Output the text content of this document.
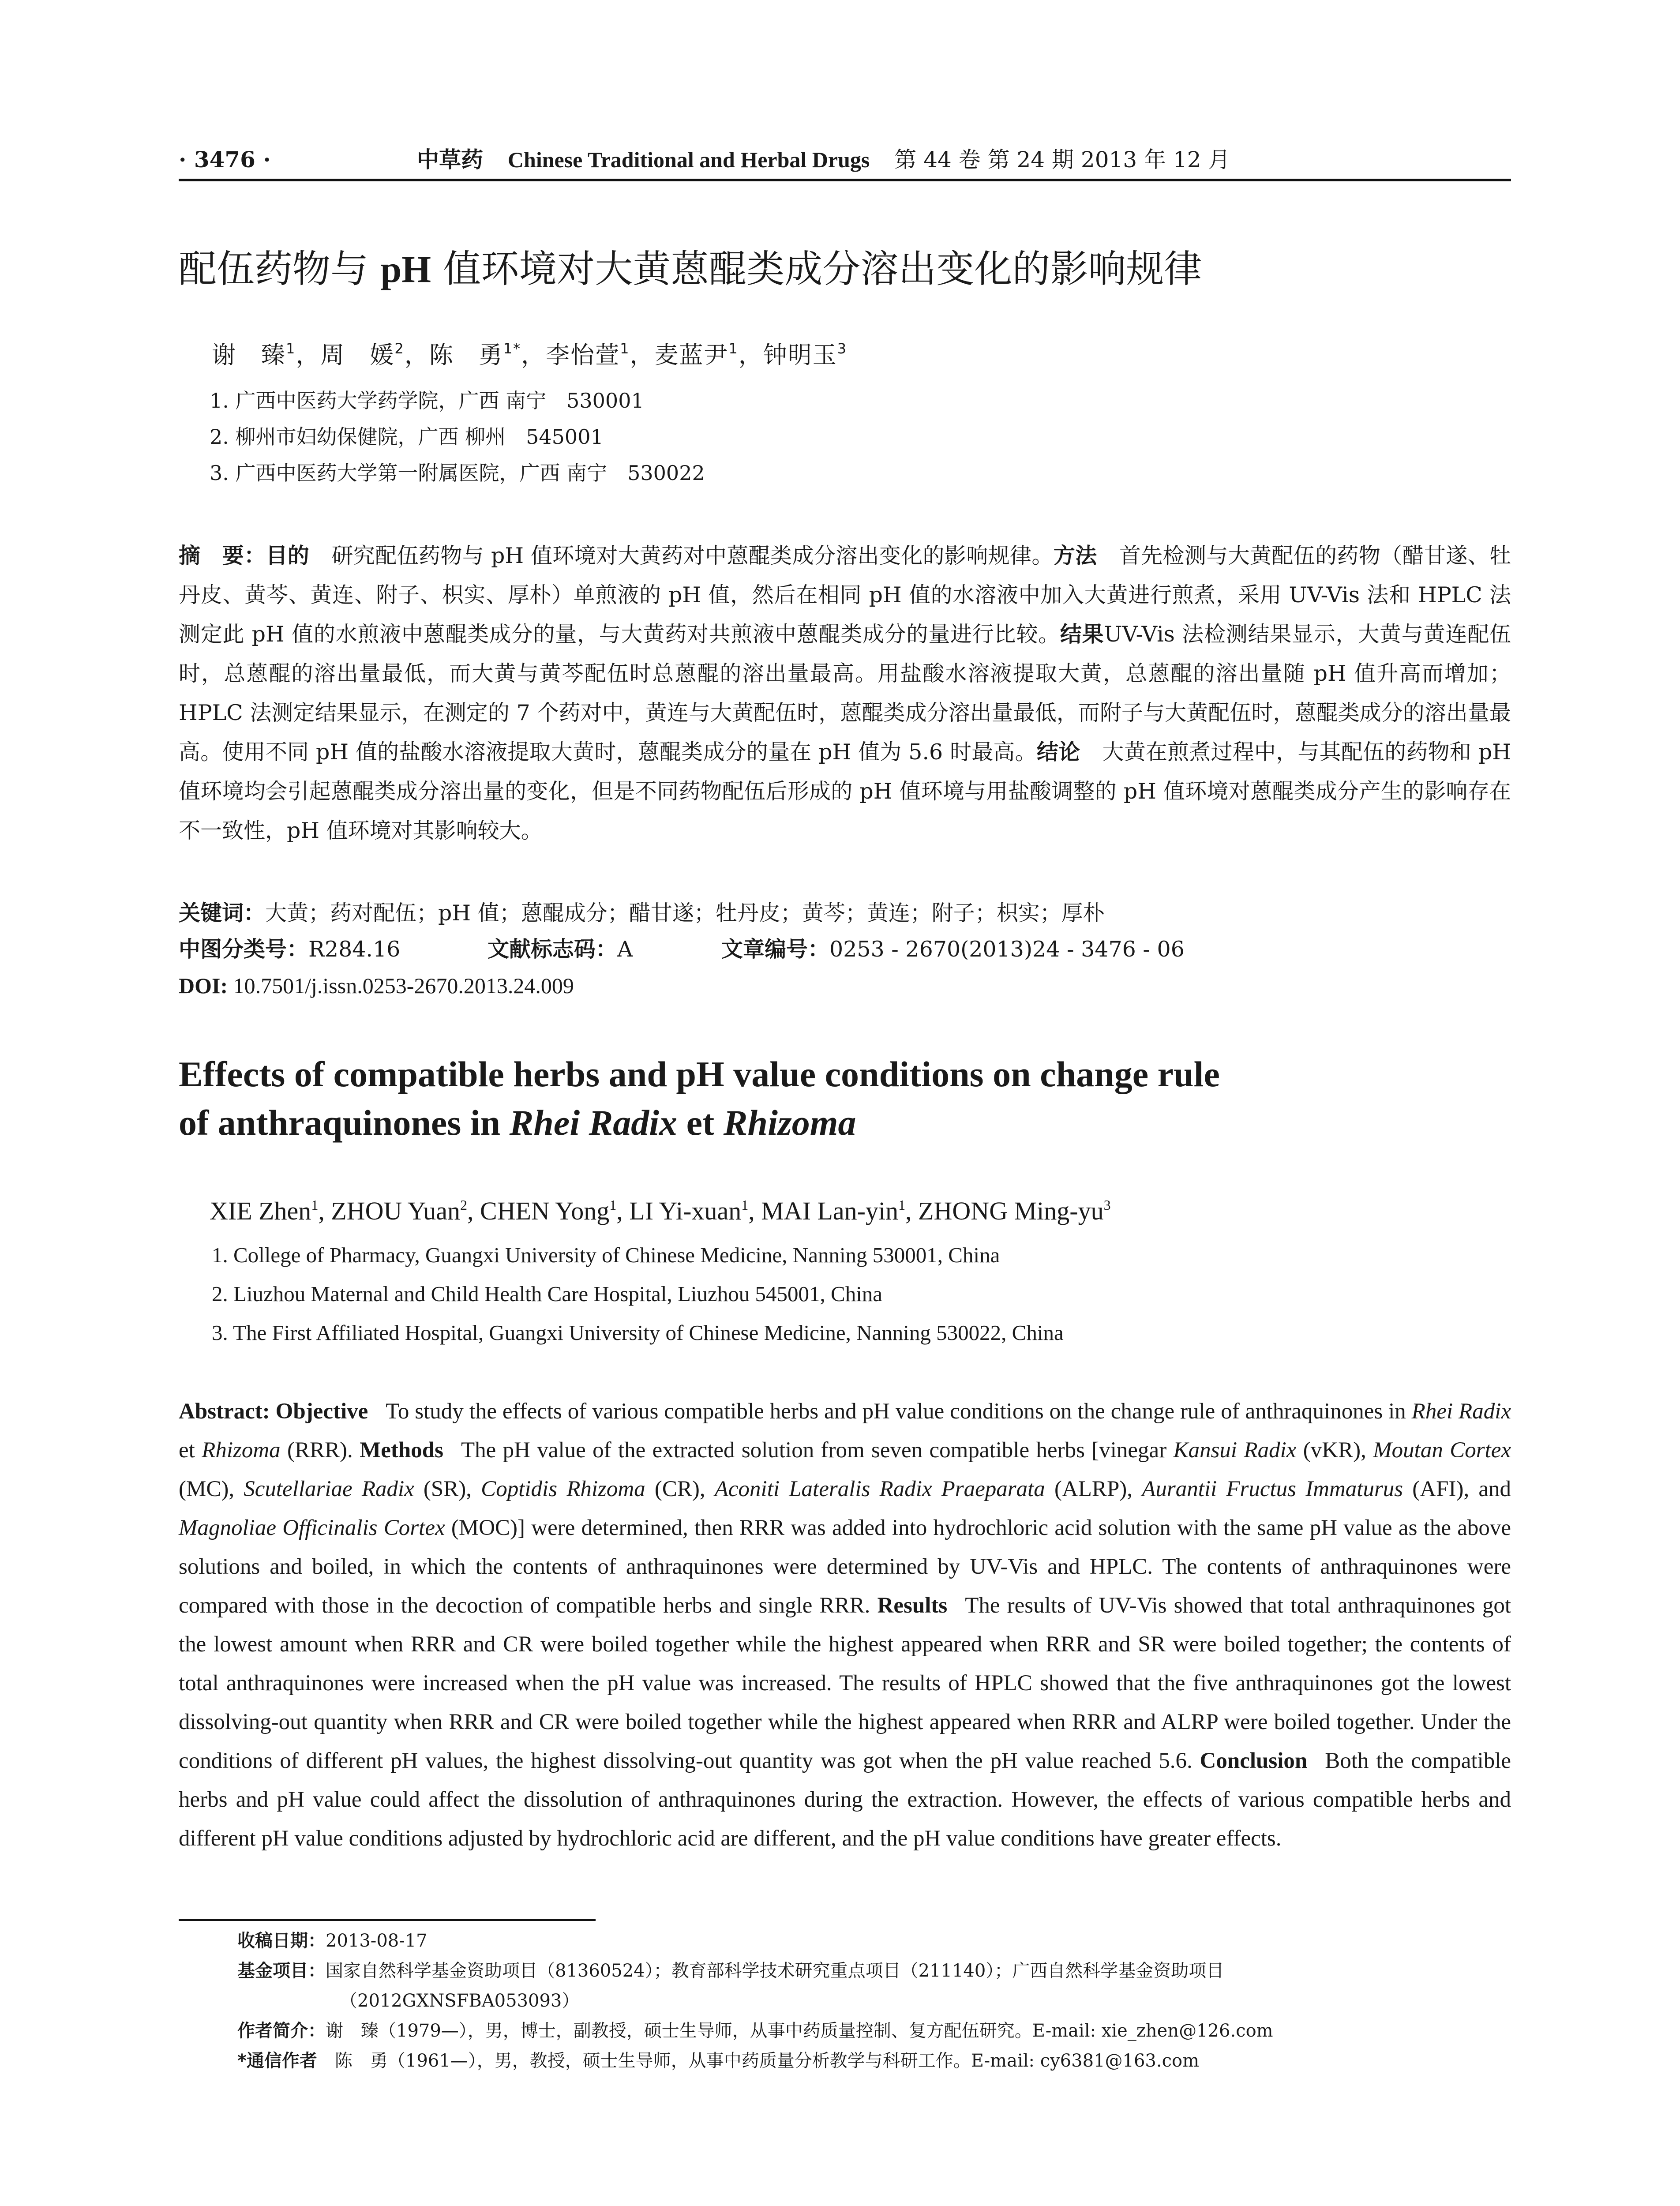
· 3476 ·	中草药 Chinese Traditional and Herbal Drugs 第 44 卷 第 24 期 2013 年 12 月
配伍药物与 pH 值环境对大黄蒽醌类成分溶出变化的影响规律
谢　臻$^1$，周　媛$^2$，陈　勇$^{1*}$，李怡萱$^1$，麦蓝尹$^1$，钟明玉$^3$
1. 广西中医药大学药学院，广西 南宁　530001
2. 柳州市妇幼保健院，广西 柳州　545001
3. 广西中医药大学第一附属医院，广西 南宁　530022
摘　要：目的 研究配伍药物与 pH 值环境对大黄药对中蒽醌类成分溶出变化的影响规律。方法 首先检测与大黄配伍的药物（醋甘遂、牡丹皮、黄芩、黄连、附子、枳实、厚朴）单煎液的 pH 值，然后在相同 pH 值的水溶液中加入大黄进行煎煮，采用 UV-Vis 法和 HPLC 法测定此 pH 值的水煎液中蒽醌类成分的量，与大黄药对共煎液中蒽醌类成分的量进行比较。结果UV-Vis 法检测结果显示，大黄与黄连配伍时，总蒽醌的溶出量最低，而大黄与黄芩配伍时总蒽醌的溶出量最高。用盐酸水溶液提取大黄，总蒽醌的溶出量随 pH 值升高而增加；HPLC 法测定结果显示，在测定的 7 个药对中，黄连与大黄配伍时，蒽醌类成分溶出量最低，而附子与大黄配伍时，蒽醌类成分的溶出量最高。使用不同 pH 值的盐酸水溶液提取大黄时，蒽醌类成分的量在 pH 值为 5.6 时最高。结论 大黄在煎煮过程中，与其配伍的药物和 pH 值环境均会引起蒽醌类成分溶出量的变化，但是不同药物配伍后形成的 pH 值环境与用盐酸调整的 pH 值环境对蒽醌类成分产生的影响存在不一致性，pH 值环境对其影响较大。
关键词：大黄；药对配伍；pH 值；蒽醌成分；醋甘遂；牡丹皮；黄芩；黄连；附子；枳实；厚朴
中图分类号：R284.16	文献标志码：A	文章编号：0253 - 2670(2013)24 - 3476 - 06
DOI: 10.7501/j.issn.0253-2670.2013.24.009
Effects of compatible herbs and pH value conditions on change rule
of anthraquinones in Rhei Radix et Rhizoma
XIE Zhen$^1$, ZHOU Yuan$^2$, CHEN Yong$^1$, LI Yi-xuan$^1$, MAI Lan-yin$^1$, ZHONG Ming-$yu^3$
1. College of Pharmacy, Guangxi University of Chinese Medicine, Nanning 530001, China
2. Liuzhou Maternal and Child Health Care Hospital, Liuzhou 545001, China
3. The First Affiliated Hospital, Guangxi University of Chinese Medicine, Nanning 530022, China
Abstract: Objective To study the effects of various compatible herbs and pH value conditions on the change rule of anthraquinones in Rhei Radix et Rhizoma (RRR). Methods The pH value of the extracted solution from seven compatible herbs [vinegar Kansui Radix (vKR), Moutan Cortex (MC), Scutellariae Radix (SR), Coptidis Rhizoma (CR), Aconiti Lateralis Radix Praeparata (ALRP), Aurantii Fructus Immaturus (AFI), and Magnoliae Officinalis Cortex (MOC)] were determined, then RRR was added into hydrochloric acid solution with the same pH value as the above solutions and boiled, in which the contents of anthraquinones were determined by UV-Vis and HPLC. The contents of anthraquinones were compared with those in the decoction of compatible herbs and single RRR. Results The results of UV-Vis showed that total anthraquinones got the lowest amount when RRR and CR were boiled together while the highest appeared when RRR and SR were boiled together; the contents of total anthraquinones were increased when the pH value was increased. The results of HPLC showed that the five anthraquinones got the lowest dissolving-out quantity when RRR and CR were boiled together while the highest appeared when RRR and ALRP were boiled together. Under the conditions of different pH values, the highest dissolving-out quantity was got when the pH value reached 5.6. Conclusion Both the compatible herbs and pH value could affect the dissolution of anthraquinones during the extraction. However, the effects of various compatible herbs and different pH value conditions adjusted by hydrochloric acid are different, and the pH value conditions have greater effects.
收稿日期：2013-08-17
基金项目：国家自然科学基金资助项目（81360524）；教育部科学技术研究重点项目（211140）；广西自然科学基金资助项目
（2012GXNSFBA053093）
作者简介：谢　臻（1979—），男，博士，副教授，硕士生导师，从事中药质量控制、复方配伍研究。E-mail: xie_zhen@126.com
*通信作者　陈　勇（1961—），男，教授，硕士生导师，从事中药质量分析教学与科研工作。E-mail: cy6381@163.com
